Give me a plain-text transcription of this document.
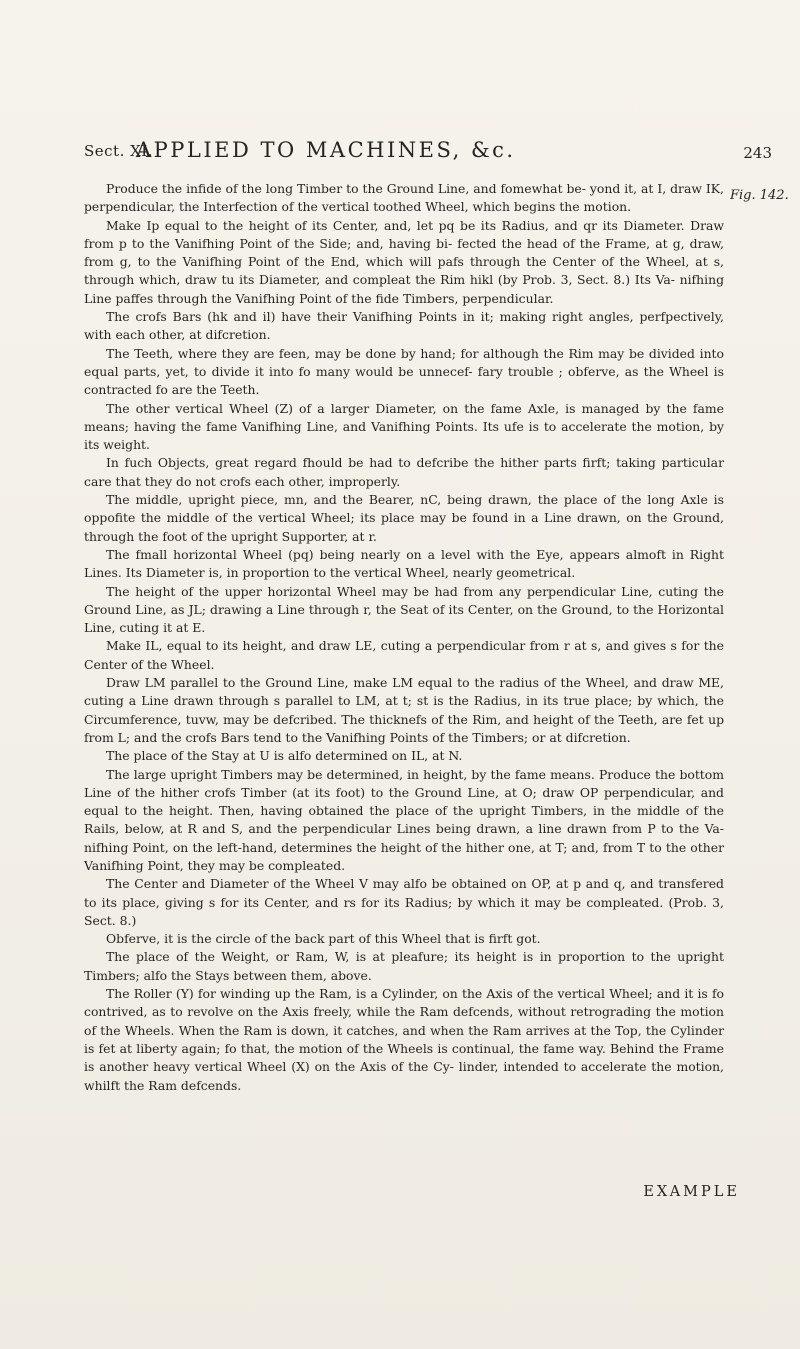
Sect. XI.
APPLIED TO MACHINES, &c.	243
Fig. 142.

Produce the infide of the long Timber to the Ground Line, and fomewhat be- yond it, at I, draw IK, perpendicular, the Interfection of the vertical toothed Wheel, which begins the motion.

Make Ip equal to the height of its Center, and, let pq be its Radius, and qr its Diameter. Draw from p to the Vanifhing Point of the Side; and, having bi- fected the head of the Frame, at g, draw, from g, to the Vanifhing Point of the End, which will pafs through the Center of the Wheel, at s, through which, draw tu its Diameter, and compleat the Rim hikl (by Prob. 3, Sect. 8.) Its Va- nifhing Line paffes through the Vanifhing Point of the fide Timbers, perpendicular.

The crofs Bars (hk and il) have their Vanifhing Points in it; making right angles, perfpectively, with each other, at difcretion.

The Teeth, where they are feen, may be done by hand; for although the Rim may be divided into equal parts, yet, to divide it into fo many would be unnecef- fary trouble ; obferve, as the Wheel is contracted fo are the Teeth.

The other vertical Wheel (Z) of a larger Diameter, on the fame Axle, is managed by the fame means; having the fame Vanifhing Line, and Vanifhing Points. Its ufe is to accelerate the motion, by its weight.

In fuch Objects, great regard fhould be had to defcribe the hither parts firft; taking particular care that they do not crofs each other, improperly.

The middle, upright piece, mn, and the Bearer, nC, being drawn, the place of the long Axle is oppofite the middle of the vertical Wheel; its place may be found in a Line drawn, on the Ground, through the foot of the upright Supporter, at r.

The fmall horizontal Wheel (pq) being nearly on a level with the Eye, appears almoft in Right Lines. Its Diameter is, in proportion to the vertical Wheel, nearly geometrical.

The height of the upper horizontal Wheel may be had from any perpendicular Line, cuting the Ground Line, as JL; drawing a Line through r, the Seat of its Center, on the Ground, to the Horizontal Line, cuting it at E.

Make IL, equal to its height, and draw LE, cuting a perpendicular from r at s, and gives s for the Center of the Wheel.

Draw LM parallel to the Ground Line, make LM equal to the radius of the Wheel, and draw ME, cuting a Line drawn through s parallel to LM, at t; st is the Radius, in its true place; by which, the Circumference, tuvw, may be defcribed. The thicknefs of the Rim, and height of the Teeth, are fet up from L; and the crofs Bars tend to the Vanifhing Points of the Timbers; or at difcretion.

The place of the Stay at U is alfo determined on IL, at N.

The large upright Timbers may be determined, in height, by the fame means. Produce the bottom Line of the hither crofs Timber (at its foot) to the Ground Line, at O; draw OP perpendicular, and equal to the height. Then, having obtained the place of the upright Timbers, in the middle of the Rails, below, at R and S, and the perpendicular Lines being drawn, a line drawn from P to the Va- nifhing Point, on the left-hand, determines the height of the hither one, at T; and, from T to the other Vanifhing Point, they may be compleated.

The Center and Diameter of the Wheel V may alfo be obtained on OP, at p and q, and transfered to its place, giving s for its Center, and rs for its Radius; by which it may be compleated. (Prob. 3, Sect. 8.)

Obferve, it is the circle of the back part of this Wheel that is firft got.

The place of the Weight, or Ram, W, is at pleafure; its height is in proportion to the upright Timbers; alfo the Stays between them, above.

The Roller (Y) for winding up the Ram, is a Cylinder, on the Axis of the vertical Wheel; and it is fo contrived, as to revolve on the Axis freely, while the Ram defcends, without retrograding the motion of the Wheels. When the Ram is down, it catches, and when the Ram arrives at the Top, the Cylinder is fet at liberty again; fo that, the motion of the Wheels is continual, the fame way. Behind the Frame is another heavy vertical Wheel (X) on the Axis of the Cy- linder, intended to accelerate the motion, whilft the Ram defcends.

EXAMPLE
